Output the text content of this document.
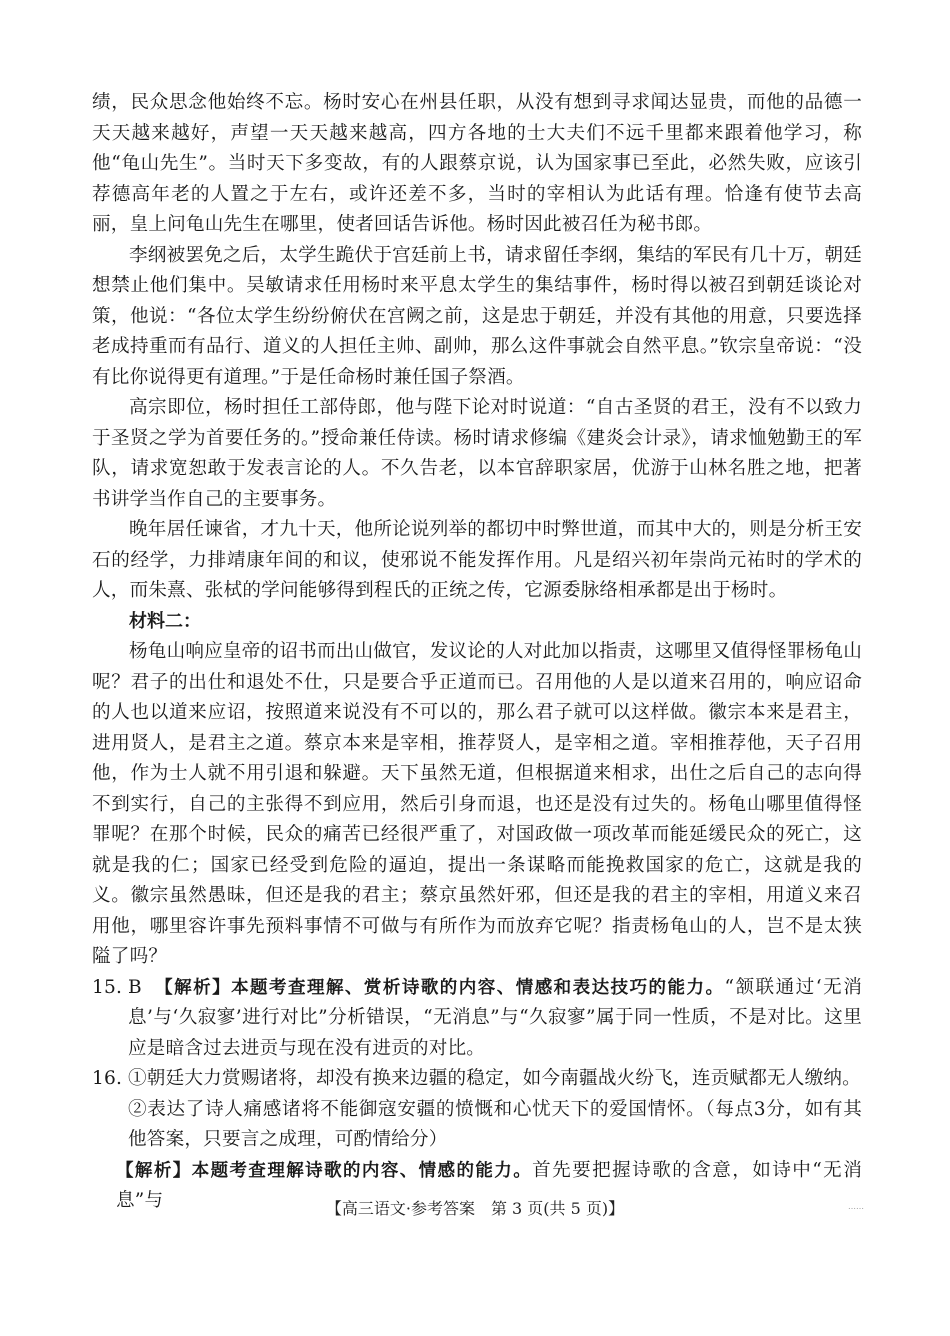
绩，民众思念他始终不忘。杨时安心在州县任职，从没有想到寻求闻达显贵，而他的品德一天天越来越好，声望一天天越来越高，四方各地的士大夫们不远千里都来跟着他学习，称他“龟山先生”。当时天下多变故，有的人跟蔡京说，认为国家事已至此，必然失败，应该引荐德高年老的人置之于左右，或许还差不多，当时的宰相认为此话有理。恰逢有使节去高丽，皇上问龟山先生在哪里，使者回话告诉他。杨时因此被召任为秘书郎。

李纲被罢免之后，太学生跪伏于宫廷前上书，请求留任李纲，集结的军民有几十万，朝廷想禁止他们集中。吴敏请求任用杨时来平息太学生的集结事件，杨时得以被召到朝廷谈论对策，他说：“各位太学生纷纷俯伏在宫阙之前，这是忠于朝廷，并没有其他的用意，只要选择老成持重而有品行、道义的人担任主帅、副帅，那么这件事就会自然平息。”钦宗皇帝说：“没有比你说得更有道理。”于是任命杨时兼任国子祭酒。

高宗即位，杨时担任工部侍郎，他与陛下论对时说道：“自古圣贤的君王，没有不以致力于圣贤之学为首要任务的。”授命兼任侍读。杨时请求修编《建炎会计录》，请求恤勉勤王的军队，请求宽恕敢于发表言论的人。不久告老，以本官辞职家居，优游于山林名胜之地，把著书讲学当作自己的主要事务。

晚年居任谏省，才九十天，他所论说列举的都切中时弊世道，而其中大的，则是分析王安石的经学，力排靖康年间的和议，使邪说不能发挥作用。凡是绍兴初年崇尚元祐时的学术的人，而朱熹、张栻的学问能够得到程氏的正统之传，它源委脉络相承都是出于杨时。

材料二：

杨龟山响应皇帝的诏书而出山做官，发议论的人对此加以指责，这哪里又值得怪罪杨龟山呢？君子的出仕和退处不仕，只是要合乎正道而已。召用他的人是以道来召用的，响应诏命的人也以道来应诏，按照道来说没有不可以的，那么君子就可以这样做。徽宗本来是君主，进用贤人，是君主之道。蔡京本来是宰相，推荐贤人，是宰相之道。宰相推荐他，天子召用他，作为士人就不用引退和躲避。天下虽然无道，但根据道来相求，出仕之后自己的志向得不到实行，自己的主张得不到应用，然后引身而退，也还是没有过失的。杨龟山哪里值得怪罪呢？在那个时候，民众的痛苦已经很严重了，对国政做一项改革而能延缓民众的死亡，这就是我的仁；国家已经受到危险的逼迫，提出一条谋略而能挽救国家的危亡，这就是我的义。徽宗虽然愚昧，但还是我的君主；蔡京虽然奸邪，但还是我的君主的宰相，用道义来召用他，哪里容许事先预料事情不可做与有所作为而放弃它呢？指责杨龟山的人，岂不是太狭隘了吗？

15. B 【解析】本题考查理解、赏析诗歌的内容、情感和表达技巧的能力。“颔联通过‘无消息’与‘久寂寥’进行对比”分析错误，“无消息”与“久寂寥”属于同一性质，不是对比。这里应是暗含过去进贡与现在没有进贡的对比。
16. ①朝廷大力赏赐诸将，却没有换来边疆的稳定，如今南疆战火纷飞，连贡赋都无人缴纳。
②表达了诗人痛感诸将不能御寇安疆的愤慨和心忧天下的爱国情怀。（每点3分，如有其他答案，只要言之成理，可酌情给分）

【解析】本题考查理解诗歌的内容、情感的能力。首先要把握诗歌的含意，如诗中“无消息”与	【高三语文·参考答案　第 3 页(共 5 页)】	……
